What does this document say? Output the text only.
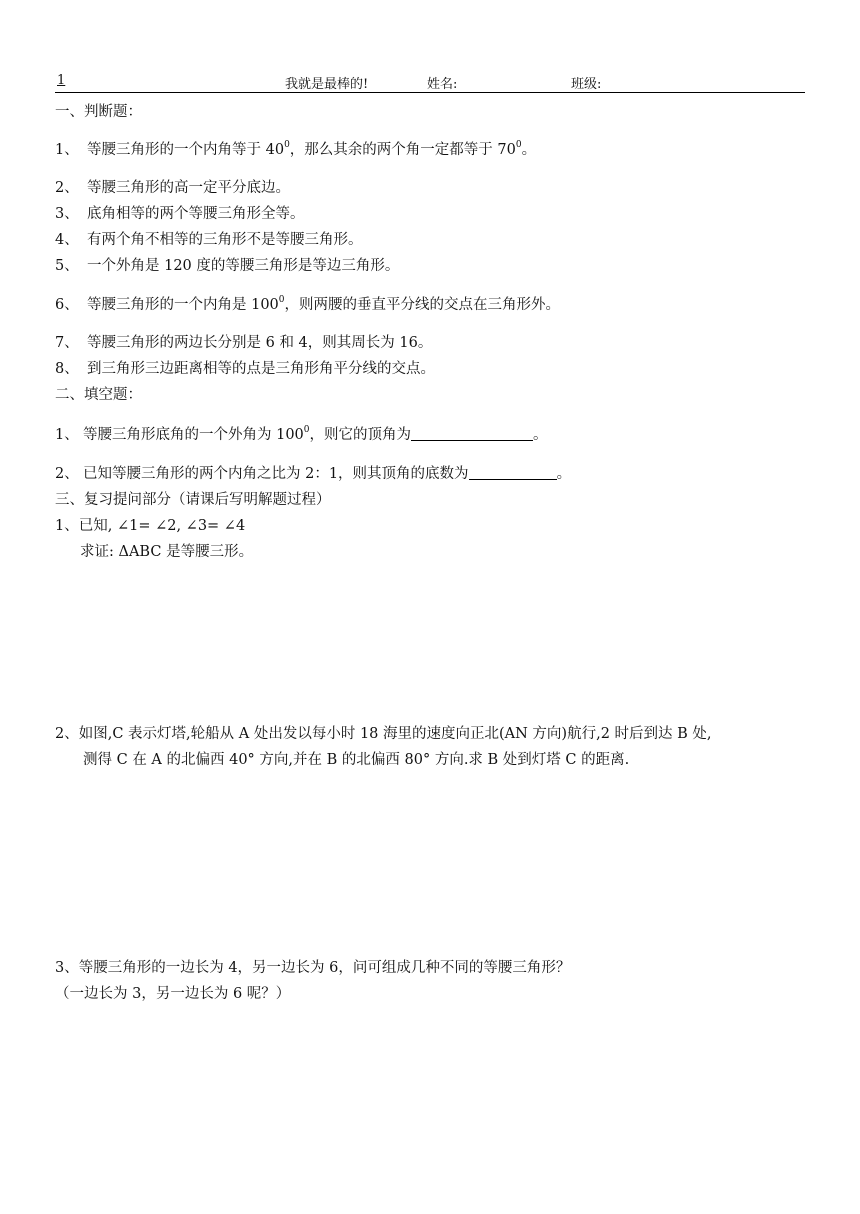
1	我就是最棒的!	姓名:	班级:
一、判断题：
1、 等腰三角形的一个内角等于 $40^0$，那么其余的两个角一定都等于 $70^0$。
2、 等腰三角形的高一定平分底边。
3、 底角相等的两个等腰三角形全等。
4、 有两个角不相等的三角形不是等腰三角形。
5、 一个外角是 120 度的等腰三角形是等边三角形。
6、 等腰三角形的一个内角是 $100^0$，则两腰的垂直平分线的交点在三角形外。
7、 等腰三角形的两边长分别是 6 和 4，则其周长为 16。
8、 到三角形三边距离相等的点是三角形角平分线的交点。
二、填空题：
1、 等腰三角形底角的一个外角为 $100^0$，则它的顶角为	。
2、 已知等腰三角形的两个内角之比为 2：1，则其顶角的底数为	。
三、复习提问部分（请课后写明解题过程）
1、已知, ∠1= ∠2, ∠3= ∠4
求证: ΔABC 是等腰三形。
2、如图,C 表示灯塔,轮船从 A 处出发以每小时 18 海里的速度向正北(AN 方向)航行,2 时后到达 B 处,
测得 C 在 A 的北偏西 40° 方向,并在 B 的北偏西 80° 方向.求 B 处到灯塔 C 的距离.
3、等腰三角形的一边长为 4，另一边长为 6，问可组成几种不同的等腰三角形？
（一边长为 3，另一边长为 6 呢？）
